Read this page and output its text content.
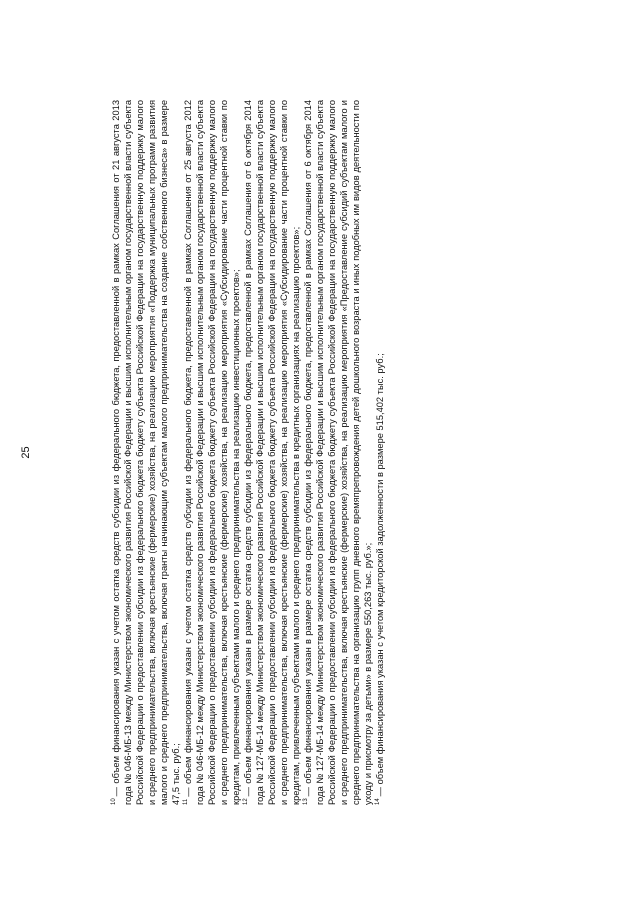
25

$^{10}$— объем финансирования указан с учетом остатка средств субсидии из федерального бюджета, предоставленной в рамках Соглашения от 21 августа 2013 года № 046-МБ-13 между Министерством экономического развития Российской Федерации и высшим исполнительным органом государственной власти субъекта Российской Федерации о предоставлении субсидии из федерального бюджета бюджету субъекта Российской Федерации на государственную поддержку малого и среднего предпринимательства, включая крестьянские (фермерские) хозяйства, на реализацию мероприятия «Поддержка муниципальных программ развития малого и среднего предпринимательства, включая гранты начинающим субъектам малого предпринимательства на создание собственного бизнеса» в размере 47,5 тыс. руб.; $^{11}$— объем финансирования указан с учетом остатка средств субсидии из федерального бюджета, предоставленной в рамках Соглашения от 25 августа 2012 года № 046-МБ-12 между Министерством экономического развития Российской Федерации и высшим исполнительным органом государственной власти субъекта Российской Федерации о предоставлении субсидии из федерального бюджета бюджету субъекта Российской Федерации на государственную поддержку малого и среднего предпринимательства, включая крестьянские (фермерские) хозяйства, на реализацию мероприятия «Субсидирование части процентной ставки по кредитам, привлеченным субъектами малого и среднего предпринимательства на реализацию инвестиционных проектов»; $^{12}$— объем финансирования указан в размере остатка средств субсидии из федерального бюджета, предоставленной в рамках Соглашения от 6 октября 2014 года № 127-МБ-14 между Министерством экономического развития Российской Федерации и высшим исполнительным органом государственной власти субъекта Российской Федерации о предоставлении субсидии из федерального бюджета бюджету субъекта Российской Федерации на государственную поддержку малого и среднего предпринимательства, включая крестьянские (фермерские) хозяйства, на реализацию мероприятия «Субсидирование части процентной ставки по кредитам, привлеченным субъектами малого и среднего предпринимательства в кредитных организациях на реализацию проектов»; $^{13}$— объем финансирования указан в размере остатка средств субсидии из федерального бюджета, предоставленной в рамках Соглашения от 6 октября 2014 года № 127-МБ-14 между Министерством экономического развития Российской Федерации и высшим исполнительным органом государственной власти субъекта Российской Федерации о предоставлении субсидии из федерального бюджета бюджету субъекта Российской Федерации на государственную поддержку малого и среднего предпринимательства, включая крестьянские (фермерские) хозяйства, на реализацию мероприятия «Предоставление субсидий субъектам малого и среднего предпринимательства на организацию групп дневного времяпрепровождения детей дошкольного возраста и иных подобных им видов деятельности по уходу и присмотру за детьми» в размере 550,263 тыс. руб.»; $^{14}$— объем финансирования указан с учетом кредиторской задолженности в размере 515,402 тыс. руб.;
